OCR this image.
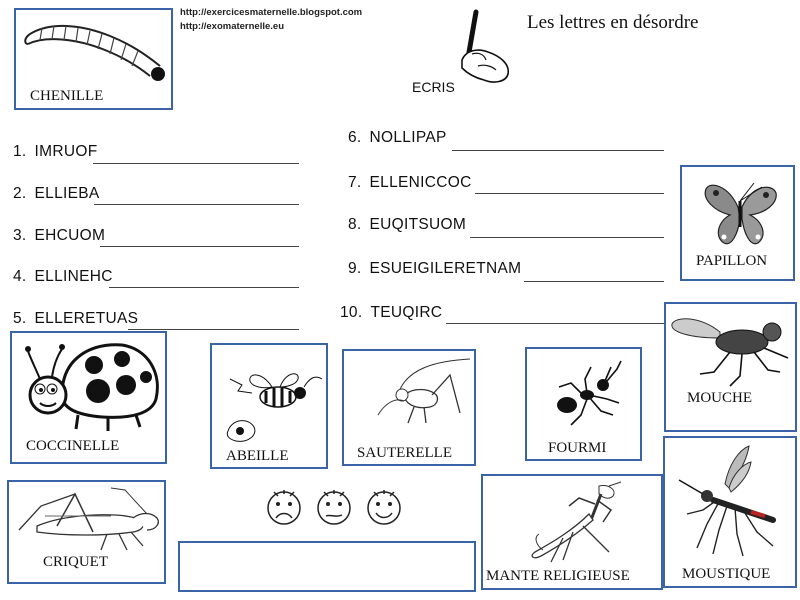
http://exercicesmaternelle.blogspot.com
http://exomaternelle.eu	Les lettres en désordre
ECRIS
CHENILLE
1. IMRUOF
2. ELLIEBA
3. EHCUOM
4. ELLINEHC
5. ELLERETUAS
6. NOLLIPAP
7. ELLENICCOC
8. EUQITSUOM
9. ESUEIGILERETNAM
10. TEUQIRC
PAPILLON
MOUCHE
COCCINELLE
ABEILLE	SAUTERELLE	FOURMI
MOUSTIQUE
CRIQUET
MANTE RELIGIEUSE
